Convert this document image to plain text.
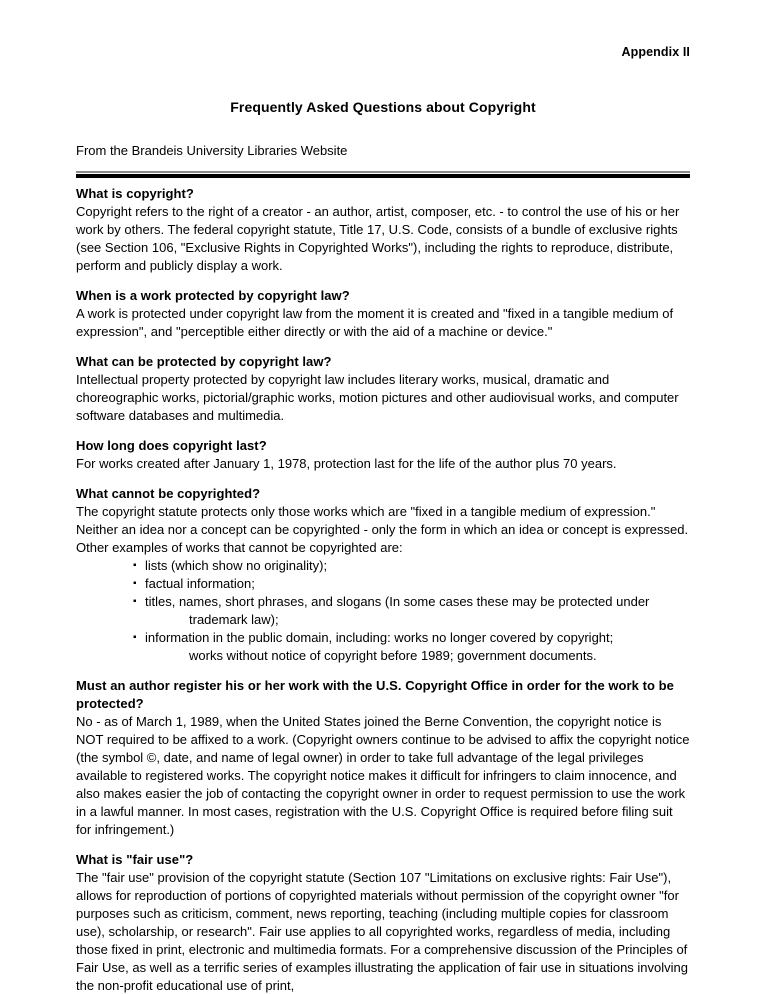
Appendix II
Frequently Asked Questions about Copyright
From the Brandeis University Libraries Website
What is copyright?
Copyright refers to the right of a creator - an author, artist, composer, etc. - to control the use of his or her work by others. The federal copyright statute, Title 17, U.S. Code, consists of a bundle of exclusive rights (see Section 106, "Exclusive Rights in Copyrighted Works"), including the rights to reproduce, distribute, perform and publicly display a work.
When is a work protected by copyright law?
A work is protected under copyright law from the moment it is created and "fixed in a tangible medium of expression", and "perceptible either directly or with the aid of a machine or device."
What can be protected by copyright law?
Intellectual property protected by copyright law includes literary works, musical, dramatic and choreographic works, pictorial/graphic works, motion pictures and other audiovisual works, and computer software databases and multimedia.
How long does copyright last?
For works created after January 1, 1978, protection last for the life of the author plus 70 years.
What cannot be copyrighted?
The copyright statute protects only those works which are "fixed in a tangible medium of expression." Neither an idea nor a concept can be copyrighted - only the form in which an idea or concept is expressed. Other examples of works that cannot be copyrighted are:
▪ lists (which show no originality);
▪ factual information;
▪ titles, names, short phrases, and slogans (In some cases these may be protected under
trademark law);
▪ information in the public domain, including: works no longer covered by copyright;
works without notice of copyright before 1989; government documents.
Must an author register his or her work with the U.S. Copyright Office in order for the work to be protected?
No - as of March 1, 1989, when the United States joined the Berne Convention, the copyright notice is NOT required to be affixed to a work. (Copyright owners continue to be advised to affix the copyright notice (the symbol ©, date, and name of legal owner) in order to take full advantage of the legal privileges available to registered works. The copyright notice makes it difficult for infringers to claim innocence, and also makes easier the job of contacting the copyright owner in order to request permission to use the work in a lawful manner. In most cases, registration with the U.S. Copyright Office is required before filing suit for infringement.)
What is "fair use"?
The "fair use" provision of the copyright statute (Section 107 "Limitations on exclusive rights: Fair Use"), allows for reproduction of portions of copyrighted materials without permission of the copyright owner "for purposes such as criticism, comment, news reporting, teaching (including multiple copies for classroom use), scholarship, or research". Fair use applies to all copyrighted works, regardless of media, including those fixed in print, electronic and multimedia formats. For a comprehensive discussion of the Principles of Fair Use, as well as a terrific series of examples illustrating the application of fair use in situations involving the non-profit educational use of print,
